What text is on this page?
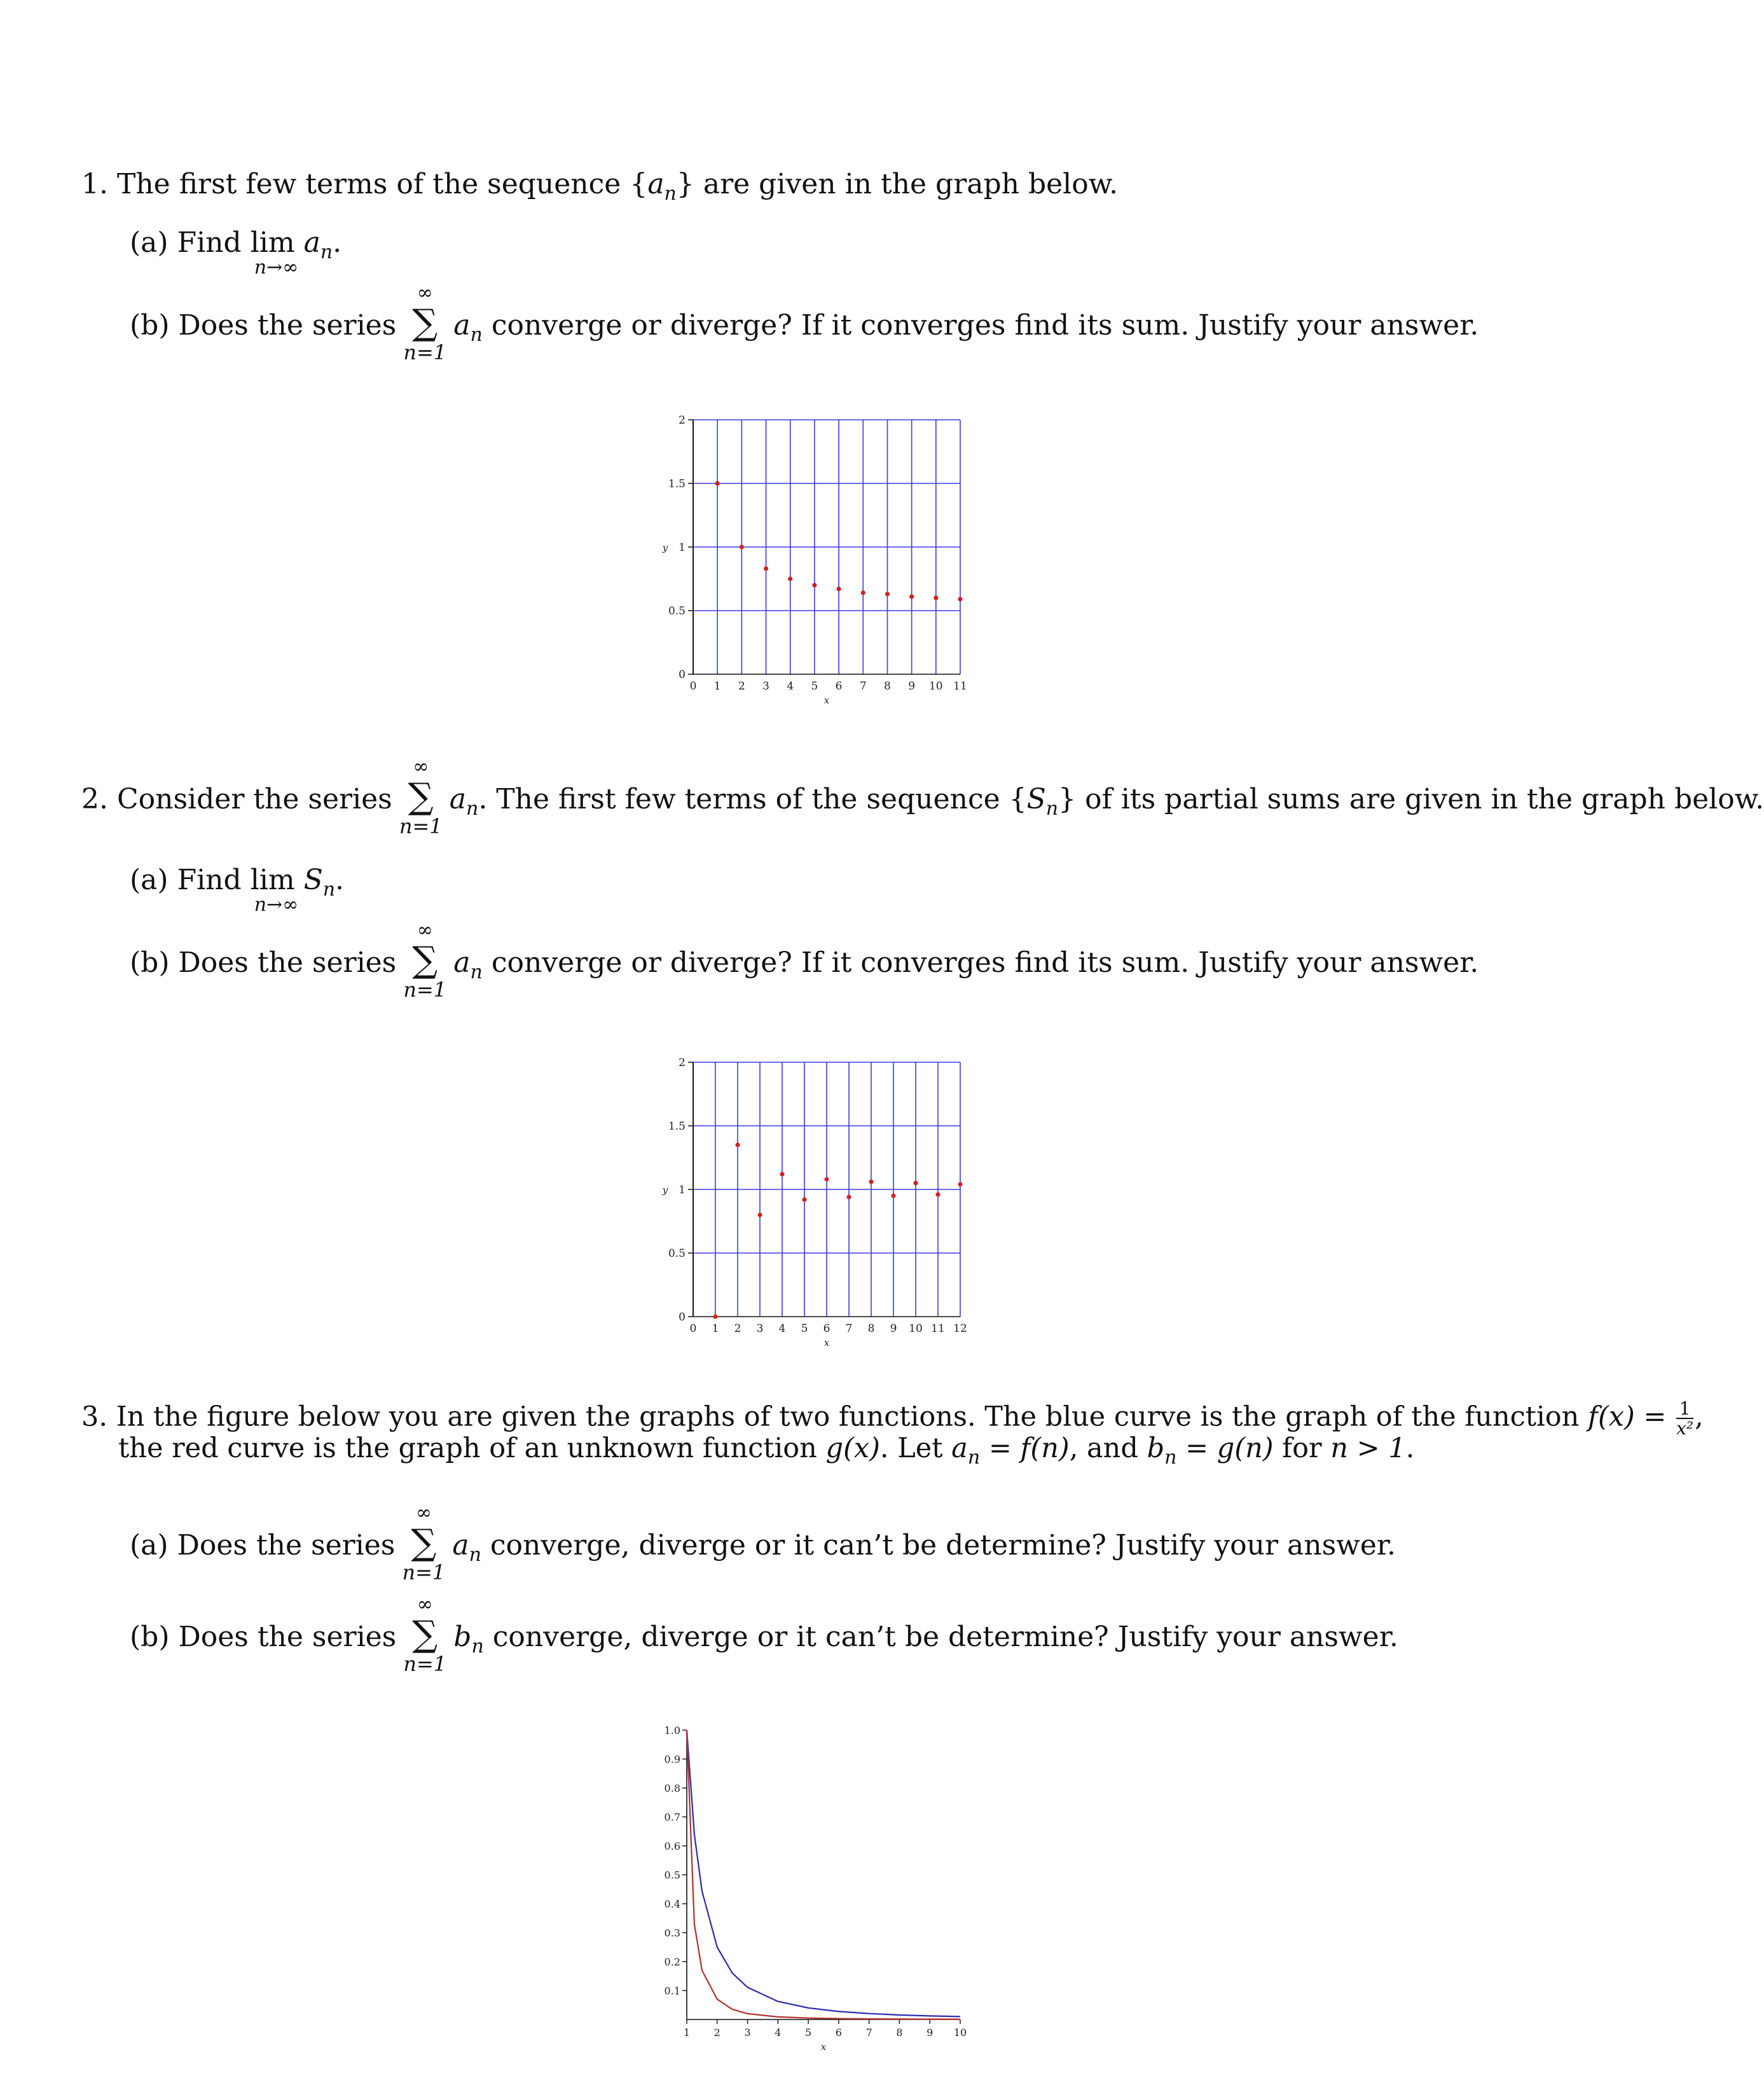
1. The first few terms of the sequence $\{a_n\}$ are given in the graph below.
(a) Find lim
n→∞
$a_n$.
(b) Does the series ∑
∞
n=1
$a_n$ converge or diverge? If it converges find its sum. Justify your answer.
0
0.5
1
1.5
2
0 1 2 3 4 5 6 7 8 9 10 11
x
y
2. Consider the series ∑
∞
n=1
$a_n$. The first few terms of the sequence $\{S_n\}$ of its partial sums are given in the graph below.
(a) Find lim
n→∞
$S_n$.
(b) Does the series ∑
∞
n=1
$a_n$ converge or diverge? If it converges find its sum. Justify your answer.
0
0.5
1
1.5
2
0 1 2 3 4 5 6 7 8 9 10 11 12
x
y
3. In the figure below you are given the graphs of two functions. The blue curve is the graph of the function $f(x) = \frac{1}{\text{x²}}$ ,
the red curve is the graph of an unknown function g(x). Let $a_n = f(n)$, and $b_n = g(n)$ for n > 1.
(a) Does the series ∑
∞
n=1
$a_n$ converge, diverge or it can’t be determine? Justify your answer.
(b) Does the series ∑
∞
n=1
$b_n$ converge, diverge or it can’t be determine? Justify your answer.
0.1
0.2
0.3
0.4
0.5
0.6
0.7
0.8
0.9
1.0
1 2 3 4 5 6 7 8 9 10
x
